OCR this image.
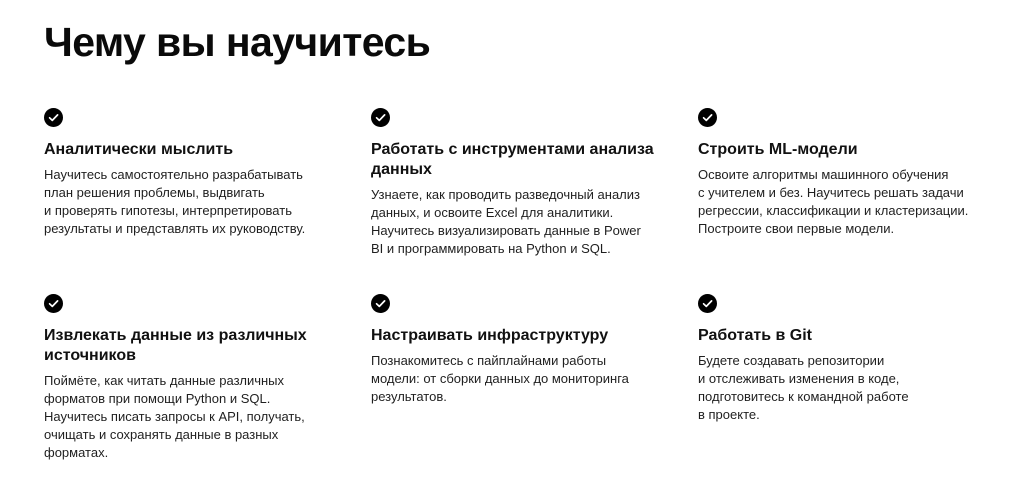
Чему вы научитесь
Аналитически мыслить

Научитесь самостоятельно разрабатывать
план решения проблемы, выдвигать
и проверять гипотезы, интерпретировать
результаты и представлять их руководству.

Работать с инструментами анализа данных

Узнаете, как проводить разведочный анализ
данных, и освоите Excel для аналитики.
Научитесь визуализировать данные в Power
BI и программировать на Python и SQL.

Строить ML-модели

Освоите алгоритмы машинного обучения
с учителем и без. Научитесь решать задачи
регрессии, классификации и кластеризации.
Построите свои первые модели.

Извлекать данные из различных источников

Поймёте, как читать данные различных
форматов при помощи Python и SQL.
Научитесь писать запросы к API, получать,
очищать и сохранять данные в разных
форматах.

Настраивать инфраструктуру

Познакомитесь с пайплайнами работы
модели: от сборки данных до мониторинга
результатов.

Работать в Git

Будете создавать репозитории
и отслеживать изменения в коде,
подготовитесь к командной работе
в проекте.
